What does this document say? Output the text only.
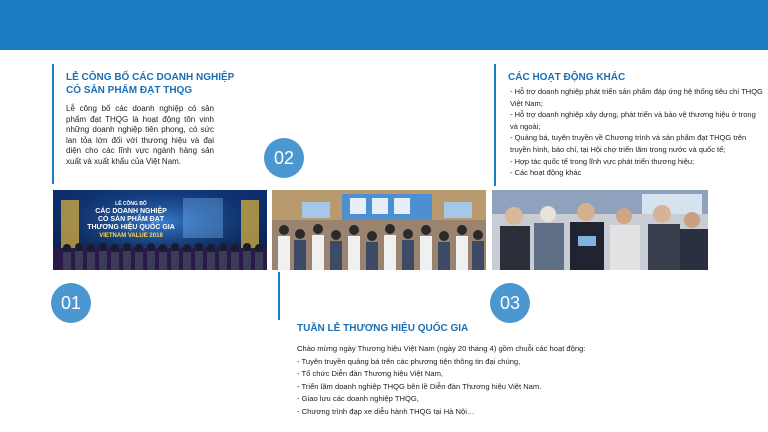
LỄ CÔNG BỐ CÁC DOANH NGHIỆP
CÓ SẢN PHẨM ĐẠT THQG
Lễ công bố các doanh nghiệp có sản phẩm đạt THQG là hoạt động tôn vinh những doanh nghiệp tiên phong, có sức lan tỏa lớn đối với thương hiệu và đại diện cho các lĩnh vực ngành hàng sản xuất và xuất khẩu của Việt Nam.
LỄ CÔNG BỐ
CÁC DOANH NGHIỆP
CÓ SẢN PHẨM ĐẠT
THƯƠNG HIỆU QUỐC GIA
VIETNAM VALUE 2018
01
02
TUẦN LỄ THƯƠNG HIỆU QUỐC GIA
Chào mừng ngày Thương hiệu Việt Nam (ngày 20 tháng 4) gồm chuỗi các hoạt động:
- Tuyên truyền quảng bá trên các phương tiện thông tin đại chúng,
- Tổ chức Diễn đàn Thương hiệu Việt Nam,
- Triển lãm doanh nghiệp THQG bên lề Diễn đàn Thương hiệu Việt Nam.
- Giao lưu các doanh nghiệp THQG,
- Chương trình đạp xe diễu hành THQG tại Hà Nội…
CÁC HOẠT ĐỘNG KHÁC
- Hỗ trợ doanh nghiệp phát triển sản phẩm đáp ứng hệ thống tiêu chí THQG Việt Nam;
- Hỗ trợ doanh nghiệp xây dựng, phát triển và bảo vệ thương hiệu ở trong và ngoài;
- Quảng bá, tuyên truyền về Chương trình và sản phẩm đạt THQG trên truyền hình, báo chí, tại Hội chợ triển lãm trong nước và quốc tế;
- Hợp tác quốc tế trong lĩnh vực phát triển thương hiệu;
- Các hoạt động khác
03
